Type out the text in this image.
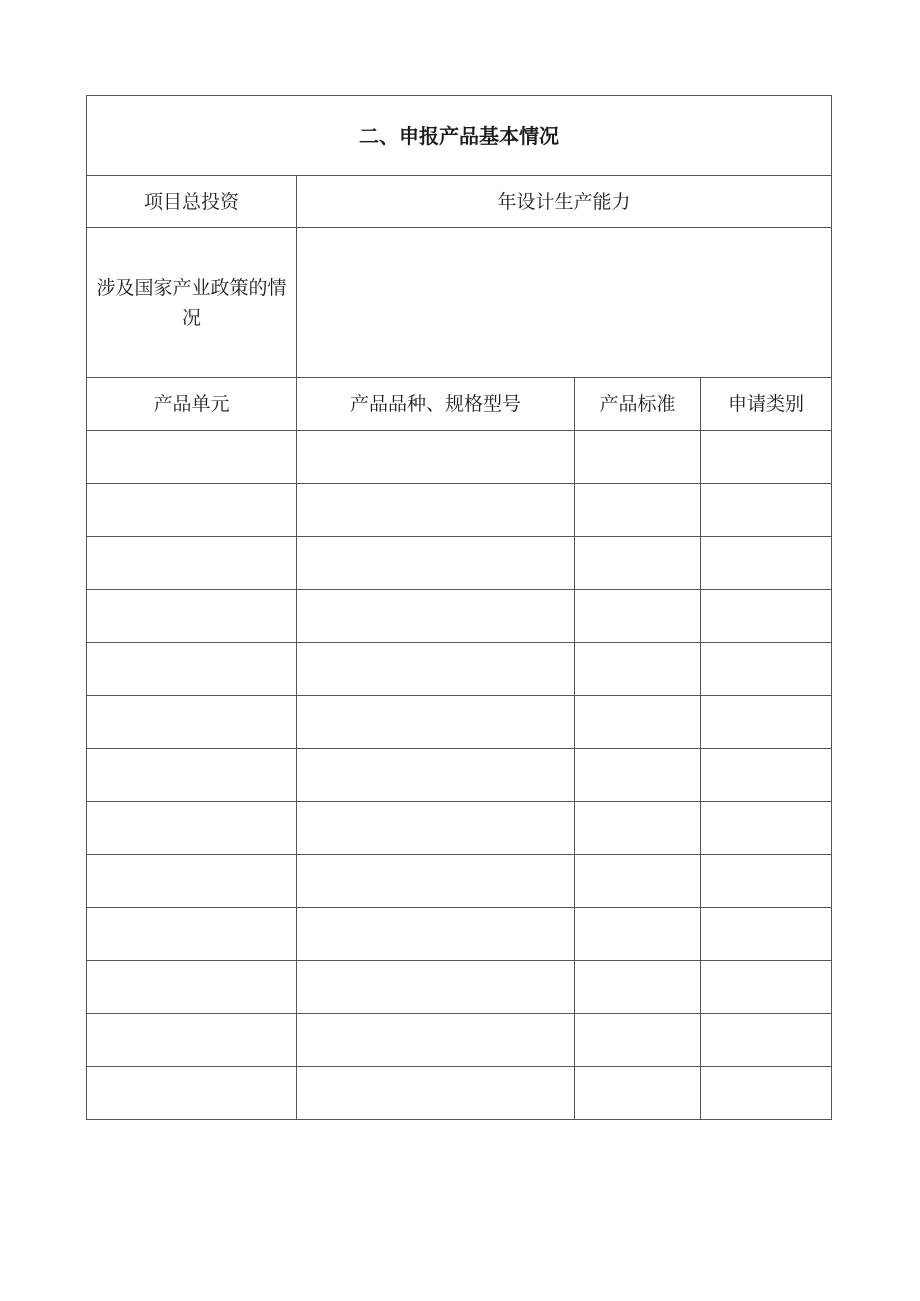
二、申报产品基本情况			
项目总投资	年设计生产能力		
涉及国家产业政策的情况			
产品单元	产品品种、规格型号	产品标准	申请类别
